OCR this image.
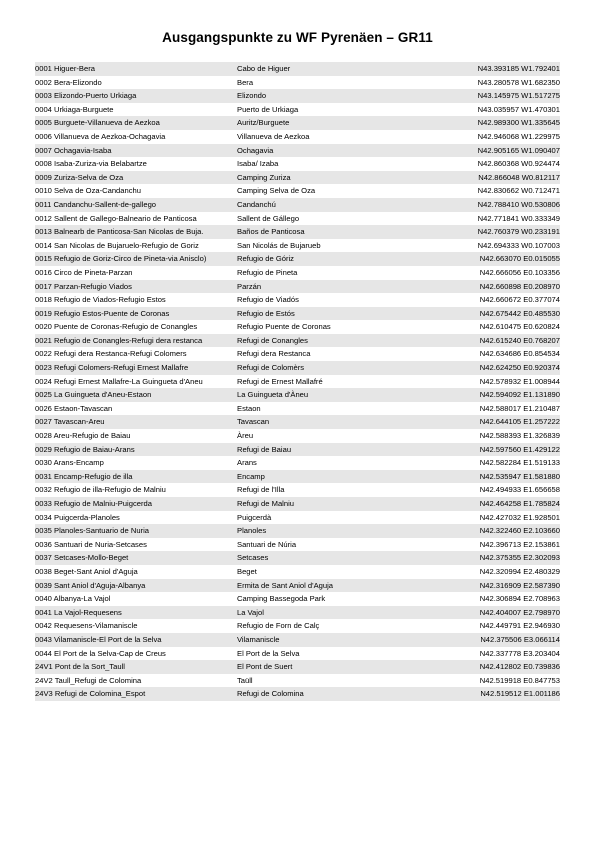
Ausgangspunkte zu WF Pyrenäen – GR11
0001 Higuer-Bera	Cabo de Higuer	N43.393185 W1.792401
0002 Bera-Elizondo	Bera	N43.280578 W1.682350
0003 Elizondo-Puerto Urkiaga	Elizondo	N43.145975 W1.517275
0004 Urkiaga-Burguete	Puerto de Urkiaga	N43.035957 W1.470301
0005 Burguete-Villanueva de Aezkoa	Auritz/Burguete	N42.989300 W1.335645
0006 Villanueva de Aezkoa-Ochagavia	Villanueva de Aezkoa	N42.946068 W1.229975
0007 Ochagavia-Isaba	Ochagavia	N42.905165 W1.090407
0008 Isaba-Zuriza-via Belabartze	Isaba/ Izaba	N42.860368 W0.924474
0009 Zuriza-Selva de Oza	Camping Zuriza	N42.866048 W0.812117
0010 Selva de Oza-Candanchu	Camping Selva de Oza	N42.830662 W0.712471
0011 Candanchu-Sallent-de-gallego	Candanchú	N42.788410 W0.530806
0012 Sallent de Gallego-Balneario de Panticosa	Sallent de Gállego	N42.771841 W0.333349
0013 Balnearb de Panticosa-San Nicolas de Buja.	Baños de Panticosa	N42.760379 W0.233191
0014 San Nicolas de Bujaruelo-Refugio de Goriz	San Nicolás de Bujarueb	N42.694333 W0.107003
0015 Refugio de Goriz-Circo de Pineta-via Anisclo)	Refugio de Góriz	N42.663070 E0.015055
0016 Circo de Pineta-Parzan	Refugio de Pineta	N42.666056 E0.103356
0017 Parzan-Refugio Viados	Parzán	N42.660898 E0.208970
0018 Refugio de Viados-Refugio Estos	Refugio de Viadós	N42.660672 E0.377074
0019 Refugio Estos-Puente de Coronas	Refugio de Estós	N42.675442 E0.485530
0020 Puente de Coronas-Refugio de Conangles	Refugio Puente de Coronas	N42.610475 E0.620824
0021 Refugio de Conangles-Refugi dera restanca	Refugi de Conangles	N42.615240 E0.768207
0022 Refugi dera Restanca-Refugi Colomers	Refugi dera Restanca	N42.634686 E0.854534
0023 Refugi Colomers-Refugi Ernest Mallafre	Refugi de Colomèrs	N42.624250 E0.920374
0024 Refugi Ernest Mallafre-La Guingueta d'Aneu	Refugi de Ernest Mallafré	N42.578932 E1.008944
0025 La Guingueta d'Aneu-Estaon	La Guingueta d'Àneu	N42.594092 E1.131890
0026 Estaon-Tavascan	Estaon	N42.588017 E1.210487
0027 Tavascan-Areu	Tavascan	N42.644105 E1.257222
0028 Areu-Refugio de Baiau	Àreu	N42.588393 E1.326839
0029 Refugio de Baiau-Arans	Refugi de Baiau	N42.597560 E1.429122
0030 Arans-Encamp	Arans	N42.582284 E1.519133
0031 Encamp-Refugio de illa	Encamp	N42.535947 E1.581880
0032 Refugio de illa-Refugio de Malniu	Refugi de l'Illa	N42.494933 E1.656658
0033 Refugio de Malniu-Puigcerda	Refugi de Malniu	N42.464258 E1.785824
0034 Puigcerda-Planoles	Puigcerdà	N42.427032 E1.928501
0035 Planoles-Santuario de Nuria	Planoles	N42.322460 E2.103660
0036 Santuari de Nuria-Setcases	Santuari de Núria	N42.396713 E2.153861
0037 Setcases-Mollo-Beget	Setcases	N42.375355 E2.302093
0038 Beget-Sant Aniol d'Aguja	Beget	N42.320994 E2.480329
0039 Sant Aniol d'Aguja-Albanya	Ermita de Sant Aniol d'Aguja	N42.316909 E2.587390
0040 Albanya-La Vajol	Camping Bassegoda Park	N42.306894 E2.708963
0041 La Vajol-Requesens	La Vajol	N42.404007 E2.798970
0042 Requesens-Vilamaniscle	Refugio de Forn de Calç	N42.449791 E2.946930
0043 Vilamaniscle-El Port de la Selva	Vilamaniscle	N42.375506 E3.066114
0044 El Port de la Selva-Cap de Creus	El Port de la Selva	N42.337778 E3.203404
24V1 Pont de la Sort_Taull	El Pont de Suert	N42.412802 E0.739836
24V2 Taull_Refugi de Colomina	Taüll	N42.519918 E0.847753
24V3 Refugi de Colomina_Espot	Refugi de Colomina	N42.519512 E1.001186
